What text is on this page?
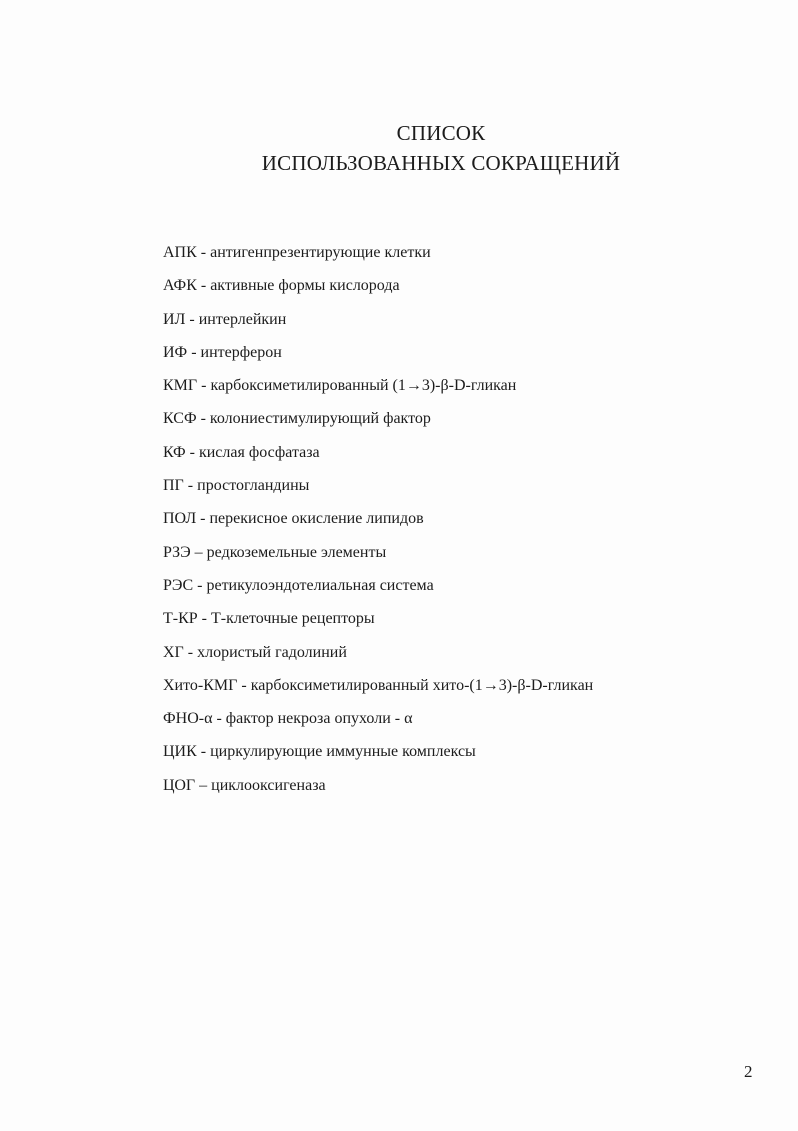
СПИСОК
ИСПОЛЬЗОВАННЫХ СОКРАЩЕНИЙ
АПК - антигенпрезентирующие клетки
АФК - активные формы кислорода
ИЛ - интерлейкин
ИФ - интерферон
КМГ - карбоксиметилированный (1→3)-β-D-гликан
КСФ - колониестимулирующий фактор
КФ - кислая фосфатаза
ПГ - простогландины
ПОЛ - перекисное окисление липидов
РЗЭ – редкоземельные элементы
РЭС - ретикулоэндотелиальная система
Т-КР - Т-клеточные рецепторы
ХГ - хлористый гадолиний
Хито-КМГ - карбоксиметилированный хито-(1→3)-β-D-гликан
ФНО-α - фактор некроза опухоли - α
ЦИК - циркулирующие иммунные комплексы
ЦОГ – циклооксигеназа
2
